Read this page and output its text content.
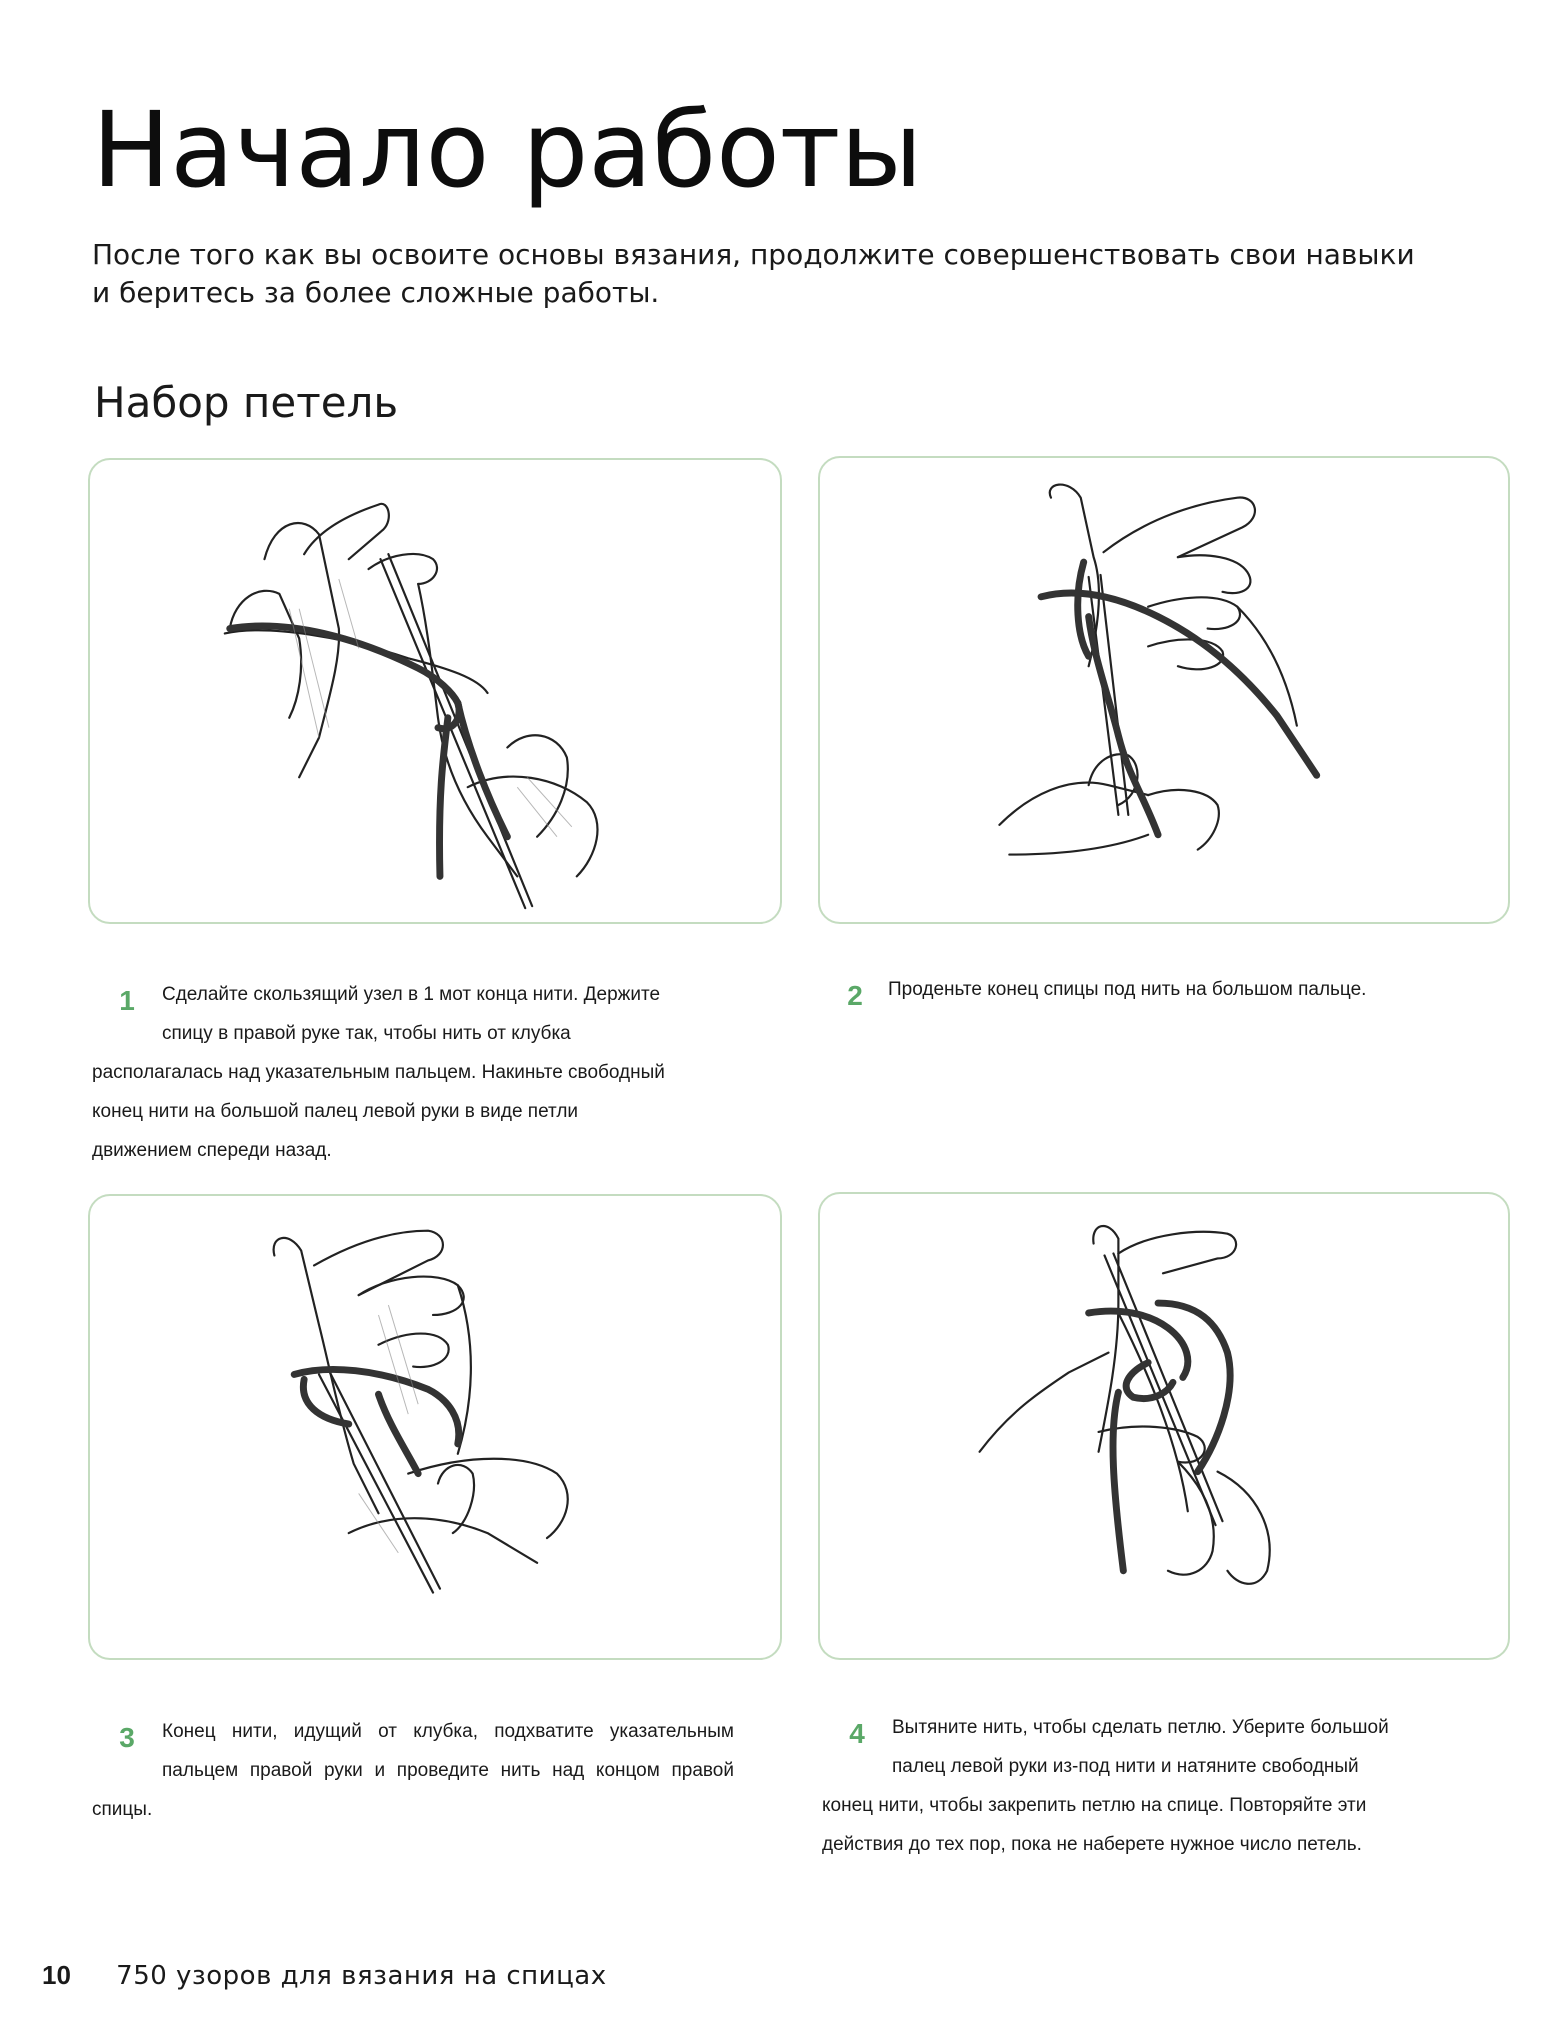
Начало работы

После того как вы освоите основы вязания, продолжите совершенствовать свои навыки и беритесь за более сложные работы.

Набор петель
1	Сделайте скользящий узел в 1 мот конца нити. Держите спицу в правой руке так, чтобы нить от клубка располагалась над указательным пальцем. Накиньте свободный конец нити на большой палец левой руки в виде петли движением спереди назад.

2	Проденьте конец спицы под нить на большом пальце.

3	Конец нити, идущий от клубка, подхватите указательным пальцем правой руки и проведите нить над концом правой спицы.

4	Вытяните нить, чтобы сделать петлю. Уберите большой палец левой руки из-под нити и натяните свободный конец нити, чтобы закрепить петлю на спице. Повторяйте эти действия до тех пор, пока не наберете нужное число петель.

10 750 узоров для вязания на спицах
